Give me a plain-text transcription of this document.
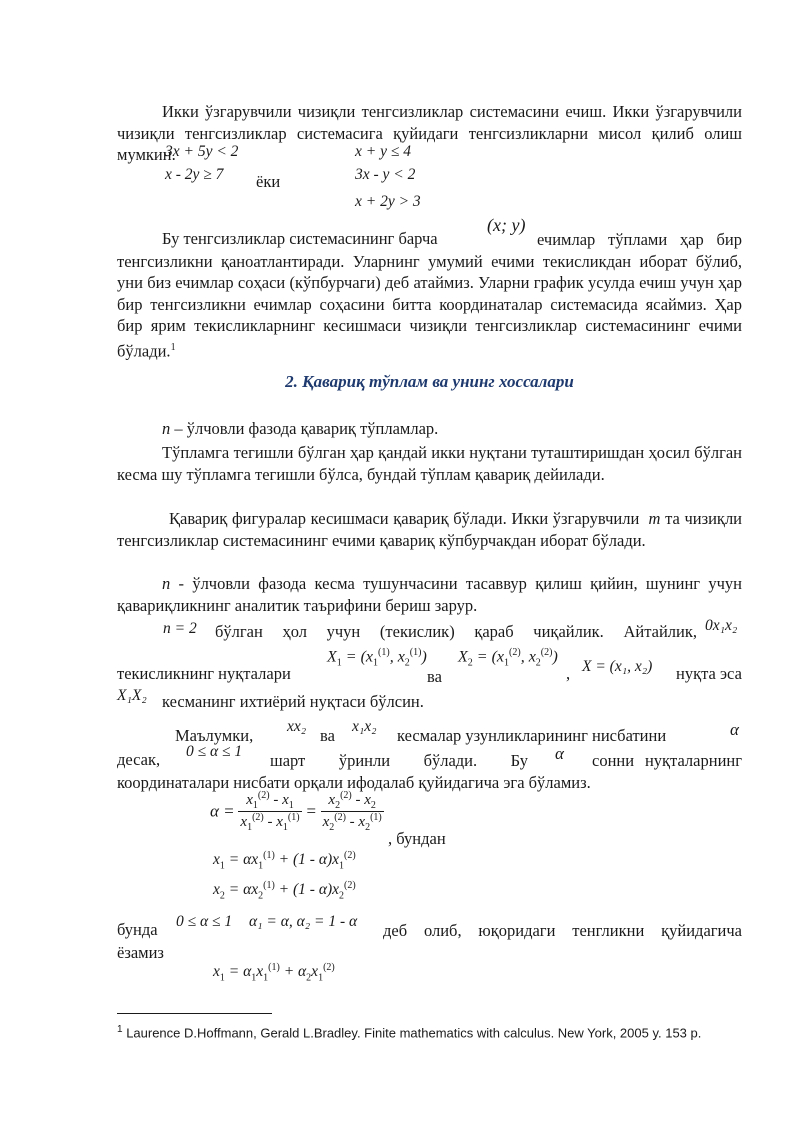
Икки ўзгарувчили чизиқли тенгсизликлар системасини ечиш. Икки ўзгарувчили чизиқли тенгсизликлар системасига қуйидаги тенгсизликларни мисол қилиб олиш мумкин.
3x + 5y < 2
x - 2y ≥ 7 ёки
x + y ≤ 4
3x - y < 2
x + 2y > 3
Бу тенгсизликлар системасининг барча
(x; y)
ечимлар тўплами ҳар бир тенгсизликни қаноатлантиради. Уларнинг умумий ечими текисликдан иборат бўлиб, уни биз ечимлар соҳаси (кўпбурчаги) деб атаймиз. Уларни график усулда ечиш учун ҳар бир тенгсизликни ечимлар соҳасини битта координаталар системасида ясаймиз. Ҳар бир ярим текисликларнинг кесишмаси чизиқли тенгсизликлар системасининг ечими бўлади.$^1$
2. Қавариқ тўплам ва унинг хоссалари
n – ўлчовли фазода қавариқ тўпламлар.
Тўпламга тегишли бўлган ҳар қандай икки нуқтани туташтиришдан ҳосил бўлган кесма шу тўпламга тегишли бўлса, бундай тўплам қавариқ дейилади.
Қавариқ фигуралар кесишмаси қавариқ бўлади. Икки ўзгарувчили m та чизиқли тенгсизликлар системасининг ечими қавариқ кўпбурчакдан иборат бўлади.
n - ўлчовли фазода кесма тушунчасини тасаввур қилиш қийин, шунинг учун қавариқликнинг аналитик таърифини бериш зарур.
n = 2 бўлган ҳол учун (текислик) қараб чиқайлик. Айтайлик, 0x₁x₂
текисликнинг нуқталари
$X_1 = (x_1^{(1)}$, $x_2^{(1)}$)
ва
$X_2 = (x_1^{(2)}$, $x_2^{(2)}$)
, X = (x₁, x₂) нуқта эса
X₁X₂ кесманинг ихтиёрий нуқтаси бўлсин.
Маълумки, xx₂ ва x₁x₂ кесмалар узунликларининг нисбатини	α
десак, 0 ≤ α ≤ 1 шарт ўринли бўлади. Бу α	сонни нуқталарнинг координаталари нисбати орқали ифодалаб қуйидагича эга бўламиз.
$\alpha = \frac{x_1^{(2)} - x_1}{x_1^{(2)} - x_1^{(1)}} = \frac{x_2^{(2)} - x_2}{x_2^{(2)} - x_2^{(1)}}$
, бундан
$x_1 = \alpha x_1^{(1)} + (1 - \alpha)x_1^{(2)}$
$x_2 = \alpha x_2^{(1)} + (1 - \alpha)x_2^{(2)}$
бунда 0 ≤ α ≤ 1 α₁ = α, α₂ = 1 - α	деб олиб, юқоридаги тенгликни қуйидагича ёзамиз
$x_1 = \alpha_1x_1^{(1)} + \alpha_2x_1^{(2)}$
$^1$ Laurence D.Hoffmann, Gerald L.Bradley. Finite mathematics with calculus. New York, 2005 y. 153 p.
